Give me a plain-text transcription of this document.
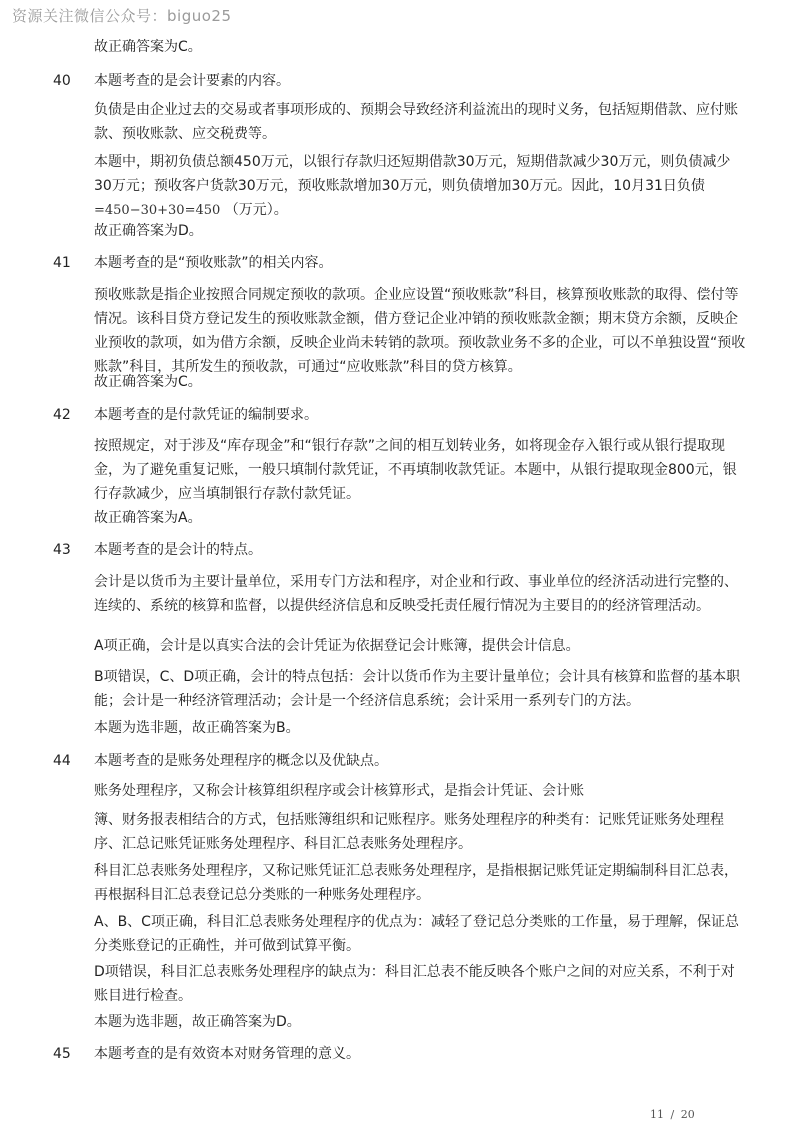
资源关注微信公众号：biguo25
故正确答案为C。
40 本题考查的是会计要素的内容。
负债是由企业过去的交易或者事项形成的、预期会导致经济利益流出的现时义务，包括短期借款、应付账款、预收账款、应交税费等。
本题中，期初负债总额450万元，以银行存款归还短期借款30万元，短期借款减少30万元，则负债减少30万元；预收客户货款30万元，预收账款增加30万元，则负债增加30万元。因此，10月31日负债
=450−30+30=450 （万元）。
故正确答案为D。
41 本题考查的是“预收账款”的相关内容。
预收账款是指企业按照合同规定预收的款项。企业应设置“预收账款”科目，核算预收账款的取得、偿付等情况。该科目贷方登记发生的预收账款金额，借方登记企业冲销的预收账款金额；期末贷方余额，反映企业预收的款项，如为借方余额，反映企业尚未转销的款项。预收款业务不多的企业，可以不单独设置“预收账款”科目，其所发生的预收款，可通过“应收账款”科目的贷方核算。
故正确答案为C。
42 本题考查的是付款凭证的编制要求。
按照规定，对于涉及“库存现金”和“银行存款”之间的相互划转业务，如将现金存入银行或从银行提取现金，为了避免重复记账，一般只填制付款凭证，不再填制收款凭证。本题中，从银行提取现金800元，银行存款减少，应当填制银行存款付款凭证。
故正确答案为A。
43 本题考查的是会计的特点。
会计是以货币为主要计量单位，采用专门方法和程序，对企业和行政、事业单位的经济活动进行完整的、连续的、系统的核算和监督，以提供经济信息和反映受托责任履行情况为主要目的的经济管理活动。
A项正确，会计是以真实合法的会计凭证为依据登记会计账簿，提供会计信息。
B项错误，C、D项正确，会计的特点包括：会计以货币作为主要计量单位；会计具有核算和监督的基本职能；会计是一种经济管理活动；会计是一个经济信息系统；会计采用一系列专门的方法。
本题为选非题，故正确答案为B。
44 本题考查的是账务处理程序的概念以及优缺点。
账务处理程序，又称会计核算组织程序或会计核算形式，是指会计凭证、会计账
簿、财务报表相结合的方式，包括账簿组织和记账程序。账务处理程序的种类有：记账凭证账务处理程序、汇总记账凭证账务处理程序、科目汇总表账务处理程序。
科目汇总表账务处理程序，又称记账凭证汇总表账务处理程序，是指根据记账凭证定期编制科目汇总表，再根据科目汇总表登记总分类账的一种账务处理程序。
A、B、C项正确，科目汇总表账务处理程序的优点为：减轻了登记总分类账的工作量，易于理解，保证总分类账登记的正确性，并可做到试算平衡。
D项错误，科目汇总表账务处理程序的缺点为：科目汇总表不能反映各个账户之间的对应关系，不利于对账目进行检查。
本题为选非题，故正确答案为D。
45 本题考查的是有效资本对财务管理的意义。
11 / 20
